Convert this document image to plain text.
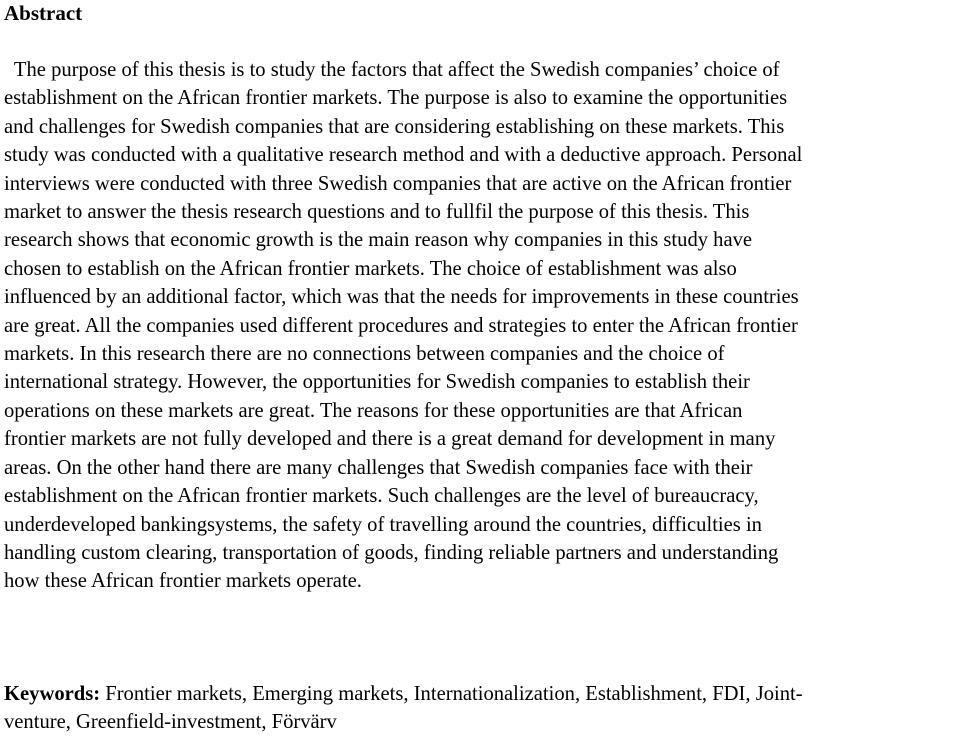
Abstract
The purpose of this thesis is to study the factors that affect the Swedish companies’ choice of
establishment on the African frontier markets. The purpose is also to examine the opportunities
and challenges for Swedish companies that are considering establishing on these markets. This
study was conducted with a qualitative research method and with a deductive approach. Personal
interviews were conducted with three Swedish companies that are active on the African frontier
market to answer the thesis research questions and to fullfil the purpose of this thesis. This
research shows that economic growth is the main reason why companies in this study have
chosen to establish on the African frontier markets. The choice of establishment was also
influenced by an additional factor, which was that the needs for improvements in these countries
are great. All the companies used different procedures and strategies to enter the African frontier
markets. In this research there are no connections between companies and the choice of
international strategy. However, the opportunities for Swedish companies to establish their
operations on these markets are great. The reasons for these opportunities are that African
frontier markets are not fully developed and there is a great demand for development in many
areas. On the other hand there are many challenges that Swedish companies face with their
establishment on the African frontier markets. Such challenges are the level of bureaucracy,
underdeveloped bankingsystems, the safety of travelling around the countries, difficulties in
handling custom clearing, transportation of goods, finding reliable partners and understanding
how these African frontier markets operate.
Keywords: Frontier markets, Emerging markets, Internationalization, Establishment, FDI, Joint-
venture, Greenfield-investment, Förvärv
